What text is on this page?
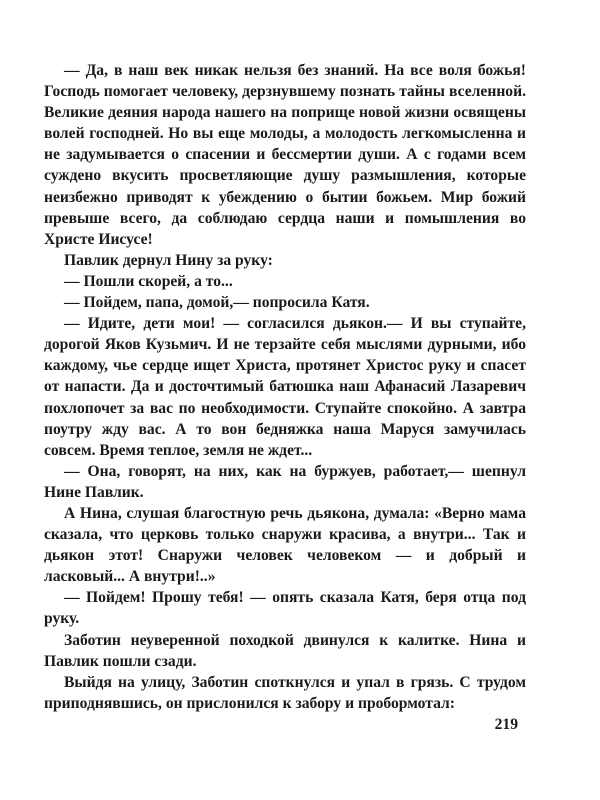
— Да, в наш век никак нельзя без знаний. На все воля божья! Господь помогает человеку, дерзнувшему познать тайны вселенной. Великие деяния народа нашего на поприще новой жизни освящены волей господней. Но вы еще молоды, а молодость легкомысленна и не задумывается о спасении и бессмертии души. А с годами всем суждено вкусить просветляющие душу размышления, которые неизбежно приводят к убеждению о бытии божьем. Мир божий превыше всего, да соблюдаю сердца наши и помышления во Христе Иисусе!

Павлик дернул Нину за руку:

— Пошли скорей, а то...

— Пойдем, папа, домой,— попросила Катя.

— Идите, дети мои! — согласился дьякон.— И вы ступайте, дорогой Яков Кузьмич. И не терзайте себя мыслями дурными, ибо каждому, чье сердце ищет Христа, протянет Христос руку и спасет от напасти. Да и досточтимый батюшка наш Афанасий Лазаревич похлопочет за вас по необходимости. Ступайте спокойно. А завтра поутру жду вас. А то вон бедняжка наша Маруся замучилась совсем. Время теплое, земля не ждет...

— Она, говорят, на них, как на буржуев, работает,— шепнул Нине Павлик.

А Нина, слушая благостную речь дьякона, думала: «Верно мама сказала, что церковь только снаружи красива, а внутри... Так и дьякон этот! Снаружи человек человеком — и добрый и ласковый... А внутри!..»

— Пойдем! Прошу тебя! — опять сказала Катя, беря отца под руку.

Заботин неуверенной походкой двинулся к калитке. Нина и Павлик пошли сзади.

Выйдя на улицу, Заботин споткнулся и упал в грязь. С трудом приподнявшись, он прислонился к забору и пробормотал:

219
